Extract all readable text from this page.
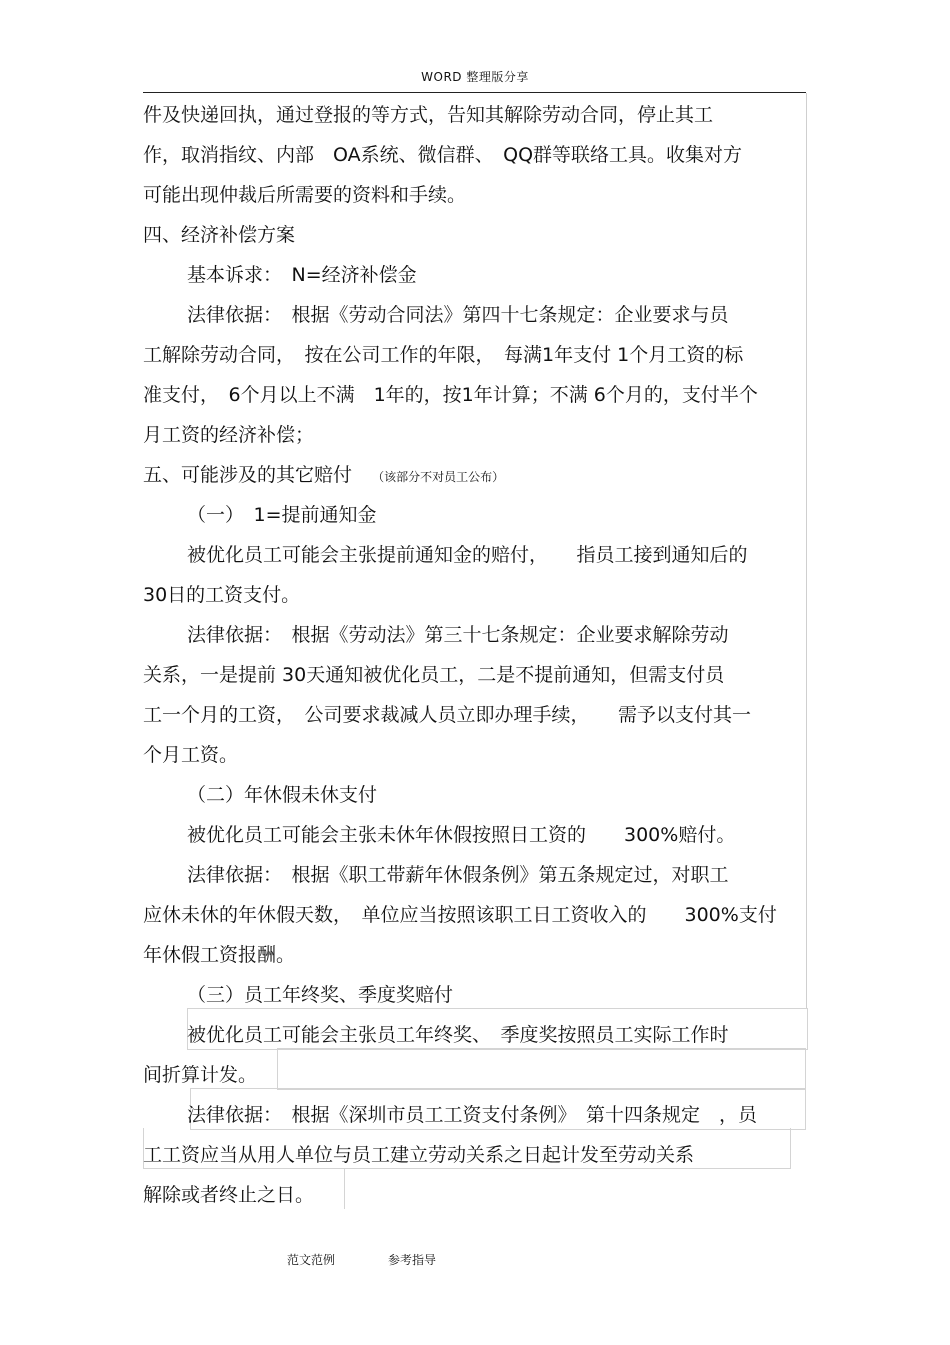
WORD 整理版分享
件及快递回执，通过登报的等方式，告知其解除劳动合同，停止其工
作，取消指纹、内部　OA系统、微信群、　QQ群等联络工具。收集对方
可能出现仲裁后所需要的资料和手续。
四、经济补偿方案
基本诉求：　N=经济补偿金
法律依据：　根据《劳动合同法》第四十七条规定：企业要求与员
工解除劳动合同，　按在公司工作的年限，　每满1年支付 1个月工资的标
准支付，　6个月以上不满　1年的，按1年计算；不满 6个月的，支付半个
月工资的经济补偿；
五、可能涉及的其它赔付 （该部分不对员工公布）
（一）　1=提前通知金
被优化员工可能会主张提前通知金的赔付，　　指员工接到通知后的
30日的工资支付。
法律依据：　根据《劳动法》第三十七条规定：企业要求解除劳动
关系，一是提前 30天通知被优化员工，二是不提前通知，但需支付员
工一个月的工资，　公司要求裁减人员立即办理手续，　　需予以支付其一
个月工资。
（二）年休假未休支付
被优化员工可能会主张未休年休假按照日工资的　　300%赔付。
法律依据：　根据《职工带薪年休假条例》第五条规定过，对职工
应休未休的年休假天数，　单位应当按照该职工日工资收入的　　300%支付
年休假工资报酬。
（三）员工年终奖、季度奖赔付
被优化员工可能会主张员工年终奖、　季度奖按照员工实际工作时
间折算计发。
法律依据：　根据《深圳市员工工资支付条例》　第十四条规定　，员
工工资应当从用人单位与员工建立劳动关系之日起计发至劳动关系
解除或者终止之日。
范文范例	参考指导
